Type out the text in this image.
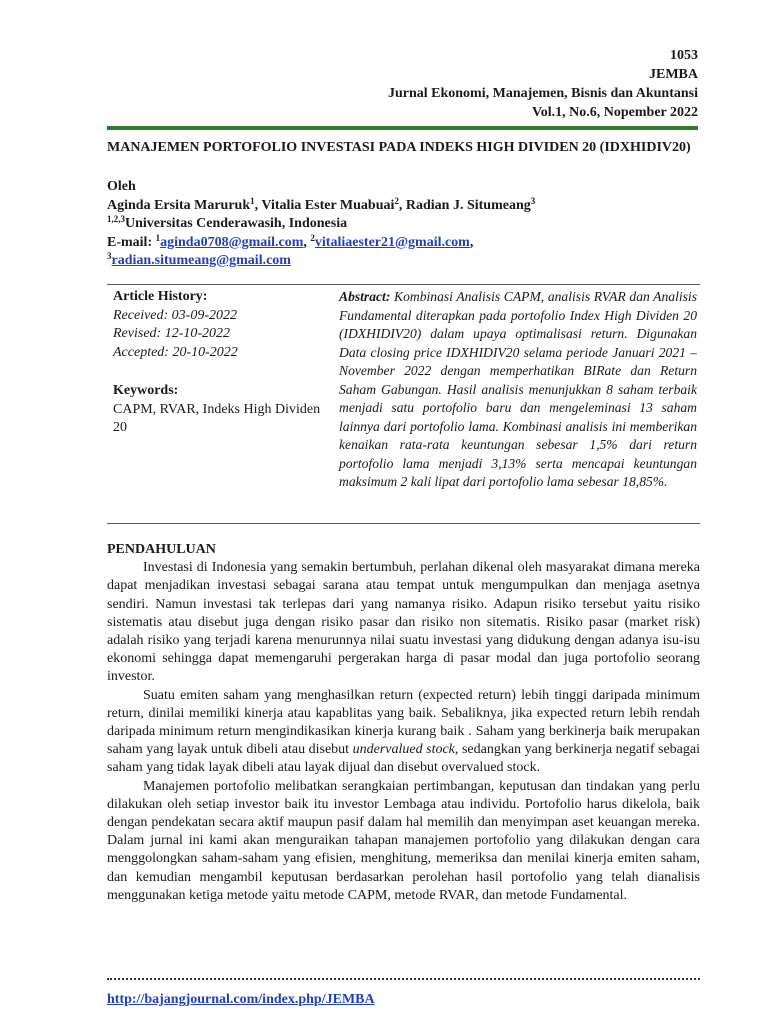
1053
JEMBA
Jurnal Ekonomi, Manajemen, Bisnis dan Akuntansi
Vol.1, No.6, Nopember 2022
MANAJEMEN PORTOFOLIO INVESTASI PADA INDEKS HIGH DIVIDEN 20 (IDXHIDIV20)
Oleh
Aginda Ersita Maruruk$^1$, Vitalia Ester Muabuai$^2$, Radian J. Situmeang$^3$
$^{1,2,3}$Universitas Cenderawasih, Indonesia
E-mail: $^1$aginda0708@gmail.com, $^2$vitaliaester21@gmail.com,
$^3$radian.situmeang@gmail.com
Article History:
Received: 03-09-2022
Revised: 12-10-2022
Accepted: 20-10-2022
Keywords:
CAPM, RVAR, Indeks High Dividen 20
Abstract: Kombinasi Analisis CAPM, analisis RVAR dan Analisis Fundamental diterapkan pada portofolio Index High Dividen 20 (IDXHIDIV20) dalam upaya optimalisasi return. Digunakan Data closing price IDXHIDIV20 selama periode Januari 2021 – November 2022 dengan memperhatikan BIRate dan Return Saham Gabungan. Hasil analisis menunjukkan 8 saham terbaik menjadi satu portofolio baru dan mengeleminasi 13 saham lainnya dari portofolio lama. Kombinasi analisis ini memberikan kenaikan rata-rata keuntungan sebesar 1,5% dari return portofolio lama menjadi 3,13% serta mencapai keuntungan maksimum 2 kali lipat dari portofolio lama sebesar 18,85%.
PENDAHULUAN

Investasi di Indonesia yang semakin bertumbuh, perlahan dikenal oleh masyarakat dimana mereka dapat menjadikan investasi sebagai sarana atau tempat untuk mengumpulkan dan menjaga asetnya sendiri. Namun investasi tak terlepas dari yang namanya risiko. Adapun risiko tersebut yaitu risiko sistematis atau disebut juga dengan risiko pasar dan risiko non sitematis. Risiko pasar (market risk) adalah risiko yang terjadi karena menurunnya nilai suatu investasi yang didukung dengan adanya isu-isu ekonomi sehingga dapat memengaruhi pergerakan harga di pasar modal dan juga portofolio seorang investor.

Suatu emiten saham yang menghasilkan return (expected return) lebih tinggi daripada minimum return, dinilai memiliki kinerja atau kapablitas yang baik. Sebaliknya, jika expected return lebih rendah daripada minimum return mengindikasikan kinerja kurang baik . Saham yang berkinerja baik merupakan saham yang layak untuk dibeli atau disebut undervalued stock, sedangkan yang berkinerja negatif sebagai saham yang tidak layak dibeli atau layak dijual dan disebut overvalued stock.

Manajemen portofolio melibatkan serangkaian pertimbangan, keputusan dan tindakan yang perlu dilakukan oleh setiap investor baik itu investor Lembaga atau individu. Portofolio harus dikelola, baik dengan pendekatan secara aktif maupun pasif dalam hal memilih dan menyimpan aset keuangan mereka. Dalam jurnal ini kami akan menguraikan tahapan manajemen portofolio yang dilakukan dengan cara menggolongkan saham-saham yang efisien, menghitung, memeriksa dan menilai kinerja emiten saham, dan kemudian mengambil keputusan berdasarkan perolehan hasil portofolio yang telah dianalisis menggunakan ketiga metode yaitu metode CAPM, metode RVAR, dan metode Fundamental.

http://bajangjournal.com/index.php/JEMBA
